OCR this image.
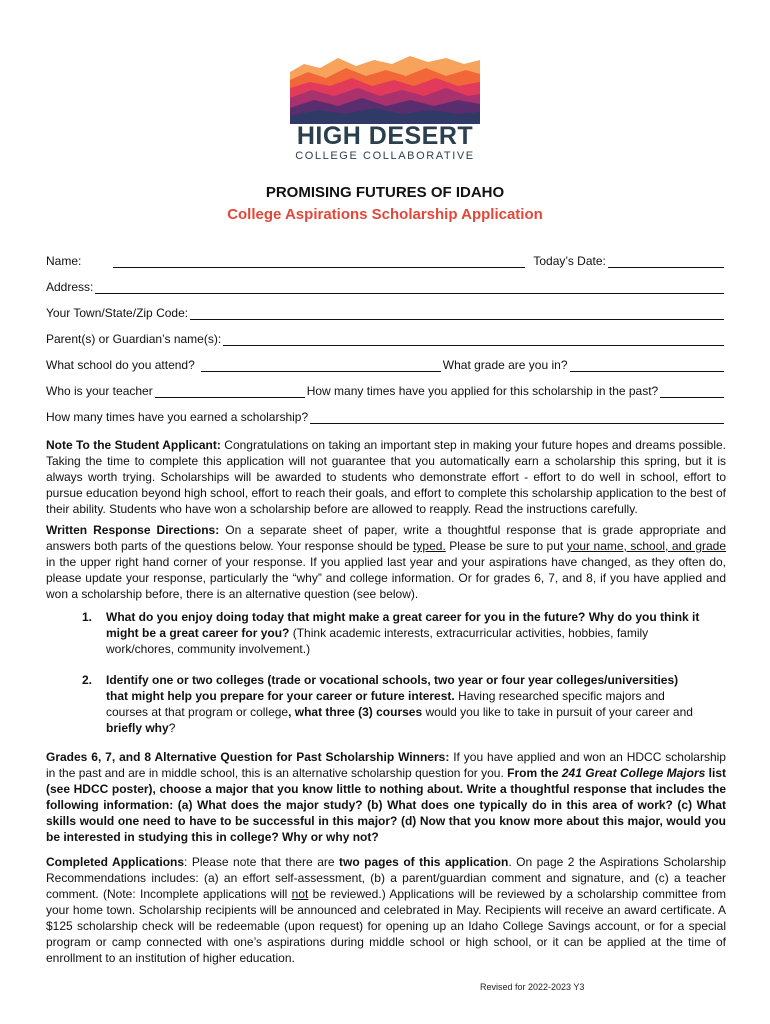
HIGH DESERT
COLLEGE COLLABORATIVE
PROMISING FUTURES OF IDAHO
College Aspirations Scholarship Application
Name:	Today’s Date:
Address:
Your Town/State/Zip Code:
Parent(s) or Guardian’s name(s):
What school do you attend?	What grade are you in?
Who is your teacher	How many times have you applied for this scholarship in the past?
How many times have you earned a scholarship?
Note To the Student Applicant: Congratulations on taking an important step in making your future hopes and dreams possible. Taking the time to complete this application will not guarantee that you automatically earn a scholarship this spring, but it is always worth trying. Scholarships will be awarded to students who demonstrate effort - effort to do well in school, effort to pursue education beyond high school, effort to reach their goals, and effort to complete this scholarship application to the best of their ability. Students who have won a scholarship before are allowed to reapply. Read the instructions carefully.
Written Response Directions: On a separate sheet of paper, write a thoughtful response that is grade appropriate and answers both parts of the questions below. Your response should be typed. Please be sure to put your name, school, and grade in the upper right hand corner of your response. If you applied last year and your aspirations have changed, as they often do, please update your response, particularly the “why” and college information. Or for grades 6, 7, and 8, if you have applied and won a scholarship before, there is an alternative question (see below).
1. What do you enjoy doing today that might make a great career for you in the future? Why do you think it might be a great career for you? (Think academic interests, extracurricular activities, hobbies, family work/chores, community involvement.)
2. Identify one or two colleges (trade or vocational schools, two year or four year colleges/universities) that might help you prepare for your career or future interest. Having researched specific majors and courses at that program or college, what three (3) courses would you like to take in pursuit of your career and briefly why?
Grades 6, 7, and 8 Alternative Question for Past Scholarship Winners: If you have applied and won an HDCC scholarship in the past and are in middle school, this is an alternative scholarship question for you. From the 241 Great College Majors list (see HDCC poster), choose a major that you know little to nothing about. Write a thoughtful response that includes the following information: (a) What does the major study? (b) What does one typically do in this area of work? (c) What skills would one need to have to be successful in this major? (d) Now that you know more about this major, would you be interested in studying this in college? Why or why not?
Completed Applications: Please note that there are two pages of this application. On page 2 the Aspirations Scholarship Recommendations includes: (a) an effort self-assessment, (b) a parent/guardian comment and signature, and (c) a teacher comment. (Note: Incomplete applications will not be reviewed.) Applications will be reviewed by a scholarship committee from your home town. Scholarship recipients will be announced and celebrated in May. Recipients will receive an award certificate. A $125 scholarship check will be redeemable (upon request) for opening up an Idaho College Savings account, or for a special program or camp connected with one’s aspirations during middle school or high school, or it can be applied at the time of enrollment to an institution of higher education.
Revised for 2022-2023 Y3
